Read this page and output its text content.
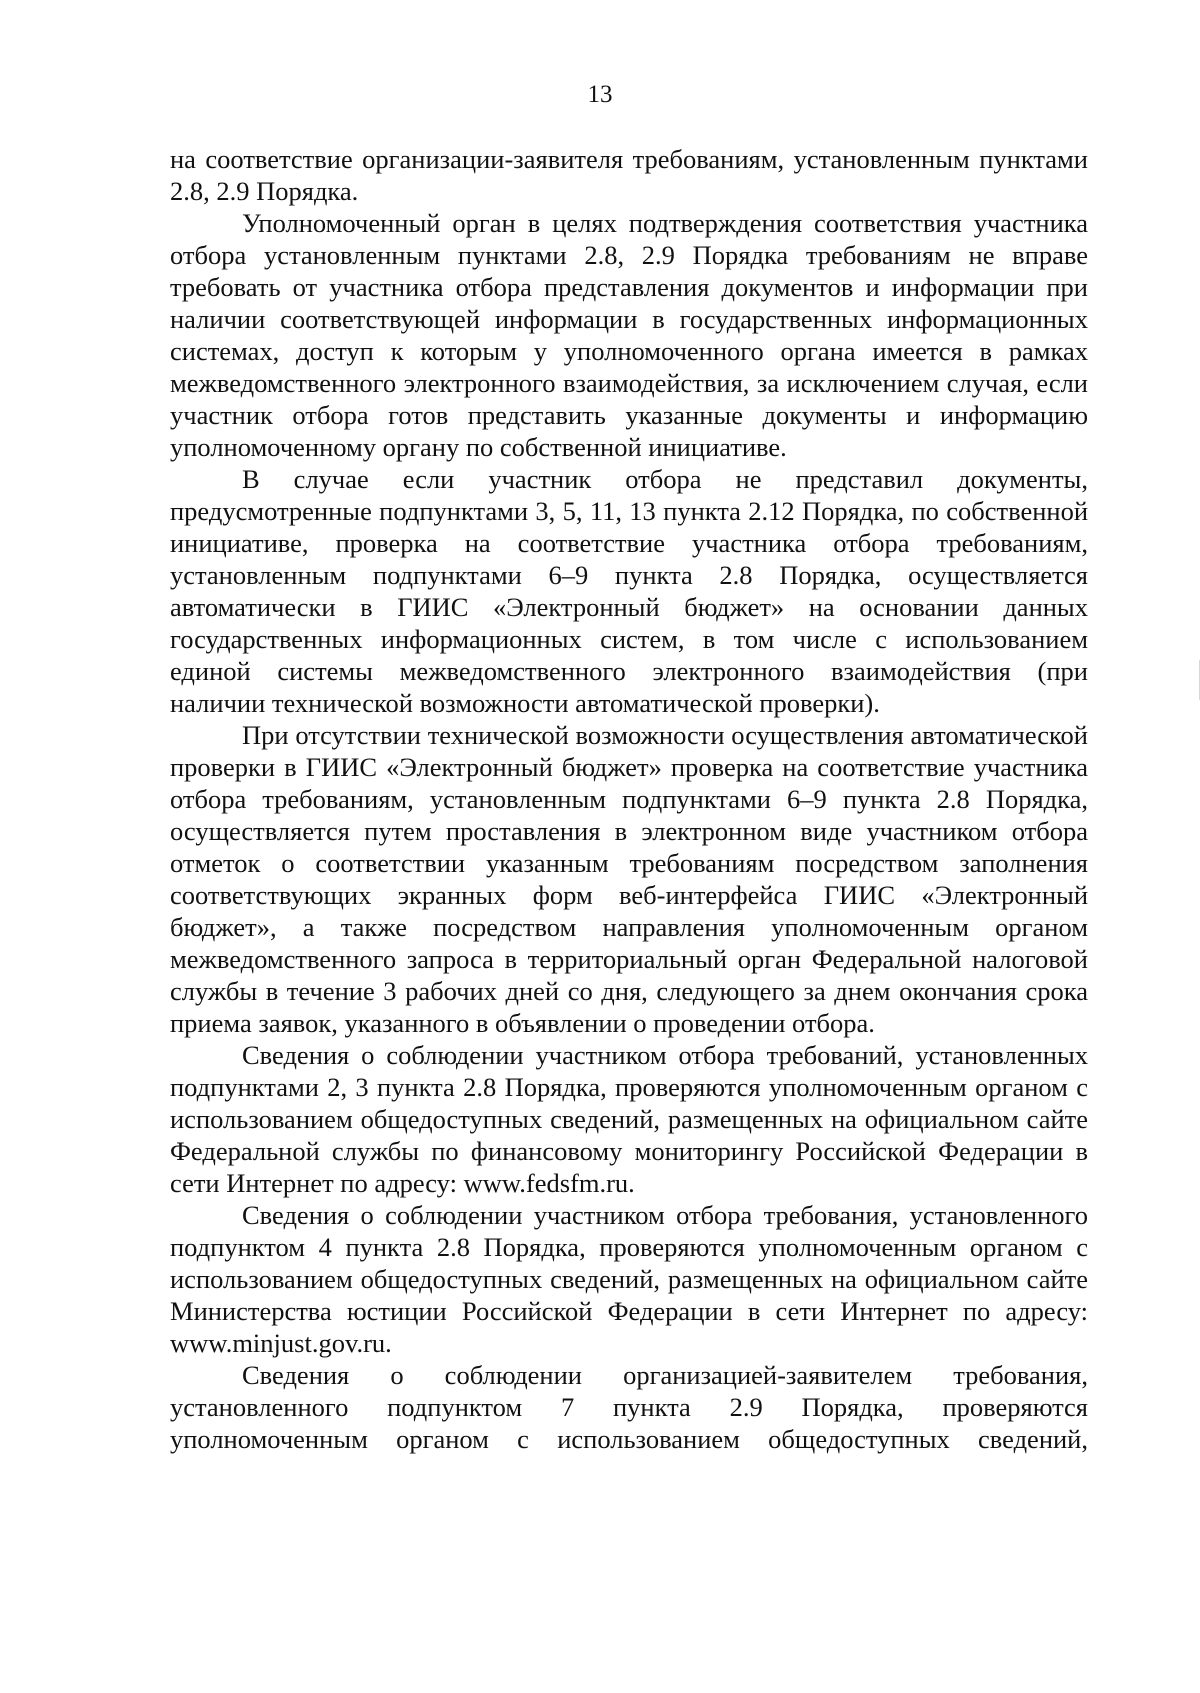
13

на соответствие организации-заявителя требованиям, установленным пунктами 2.8, 2.9 Порядка.

Уполномоченный орган в целях подтверждения соответствия участника отбора установленным пунктами 2.8, 2.9 Порядка требованиям не вправе требовать от участника отбора представления документов и информации при наличии соответствующей информации в государственных информационных системах, доступ к которым у уполномоченного органа имеется в рамках межведомственного электронного взаимодействия, за исключением случая, если участник отбора готов представить указанные документы и информацию уполномоченному органу по собственной инициативе.

В случае если участник отбора не представил документы, предусмотренные подпунктами 3, 5, 11, 13 пункта 2.12 Порядка, по собственной инициативе, проверка на соответствие участника отбора требованиям, установленным подпунктами 6–9 пункта 2.8 Порядка, осуществляется автоматически в ГИИС «Электронный бюджет» на основании данных государственных информационных систем, в том числе с использованием единой системы межведомственного электронного взаимодействия (при наличии технической возможности автоматической проверки).

При отсутствии технической возможности осуществления автоматической проверки в ГИИС «Электронный бюджет» проверка на соответствие участника отбора требованиям, установленным подпунктами 6–9 пункта 2.8 Порядка, осуществляется путем проставления в электронном виде участником отбора отметок о соответствии указанным требованиям посредством заполнения соответствующих экранных форм веб-интерфейса ГИИС «Электронный бюджет», а также посредством направления уполномоченным органом межведомственного запроса в территориальный орган Федеральной налоговой службы в течение 3 рабочих дней со дня, следующего за днем окончания срока приема заявок, указанного в объявлении о проведении отбора.

Сведения о соблюдении участником отбора требований, установленных подпунктами 2, 3 пункта 2.8 Порядка, проверяются уполномоченным органом с использованием общедоступных сведений, размещенных на официальном сайте Федеральной службы по финансовому мониторингу Российской Федерации в сети Интернет по адресу: www.fedsfm.ru.

Сведения о соблюдении участником отбора требования, установленного подпунктом 4 пункта 2.8 Порядка, проверяются уполномоченным органом с использованием общедоступных сведений, размещенных на официальном сайте Министерства юстиции Российской Федерации в сети Интернет по адресу: www.minjust.gov.ru.

Сведения о соблюдении организацией-заявителем требования, установленного подпунктом 7 пункта 2.9 Порядка, проверяются уполномоченным органом с использованием общедоступных сведений,
